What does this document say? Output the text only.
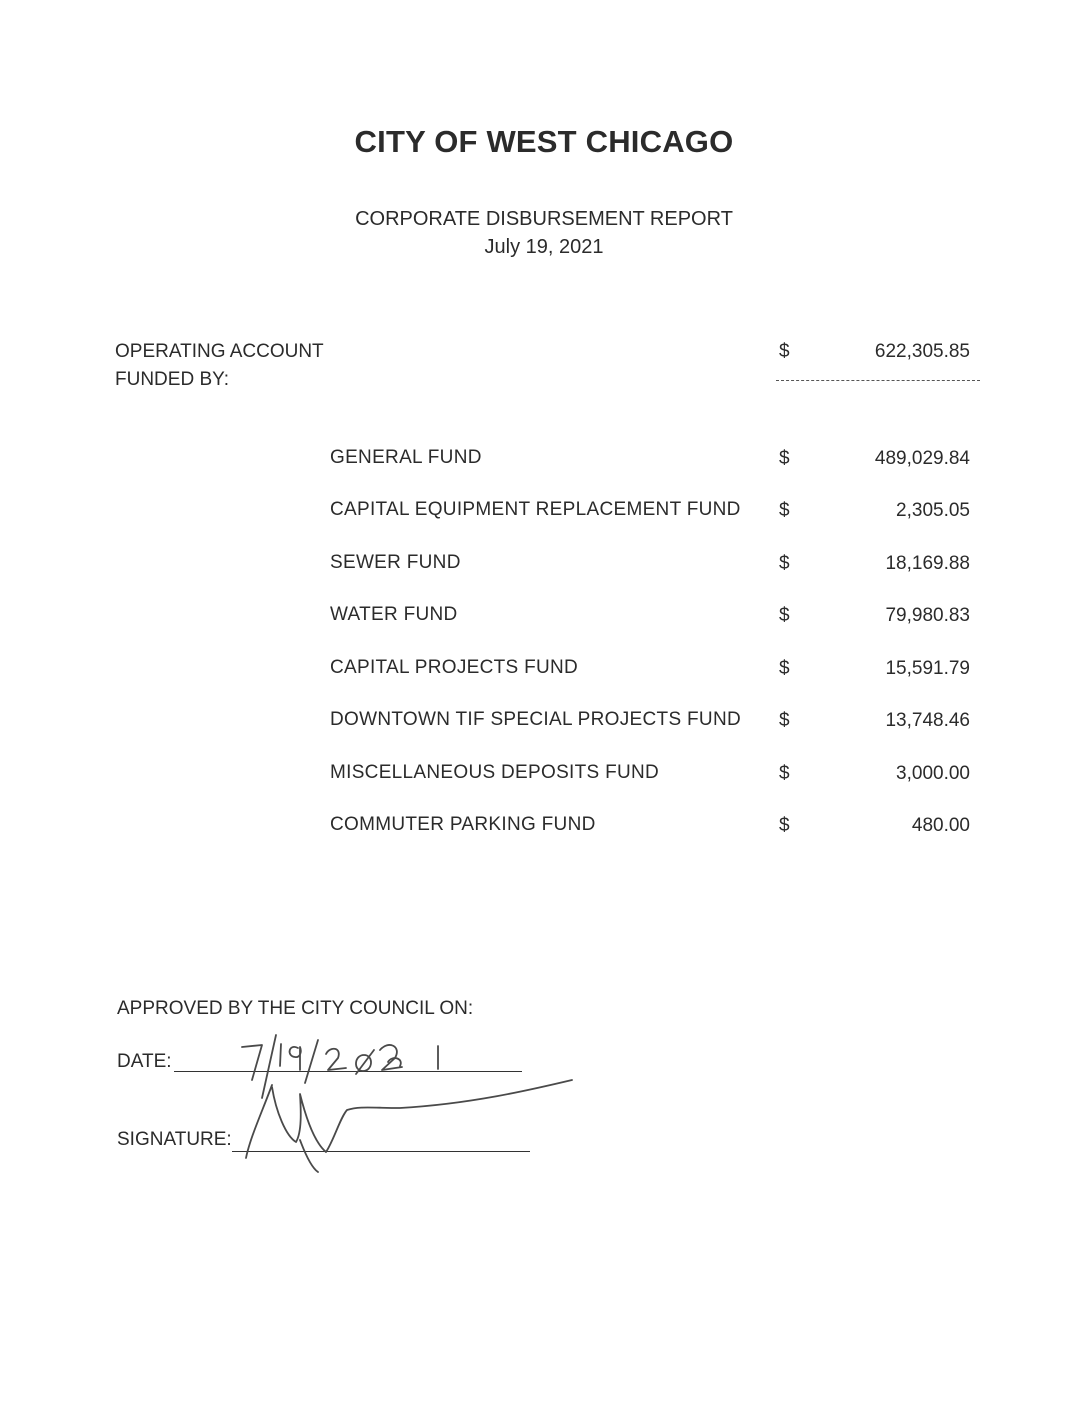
CITY OF WEST CHICAGO
CORPORATE DISBURSEMENT REPORT
July 19, 2021
OPERATING ACCOUNT
FUNDED BY:
$	622,305.85
GENERAL FUND	$	489,029.84
CAPITAL EQUIPMENT REPLACEMENT FUND $	2,305.05
SEWER FUND	$	18,169.88
WATER FUND	$	79,980.83
CAPITAL PROJECTS FUND	$	15,591.79
DOWNTOWN TIF SPECIAL PROJECTS FUND $	13,748.46
MISCELLANEOUS DEPOSITS FUND	$	3,000.00
COMMUTER PARKING FUND	$	480.00
APPROVED BY THE CITY COUNCIL ON:
DATE:
SIGNATURE:
